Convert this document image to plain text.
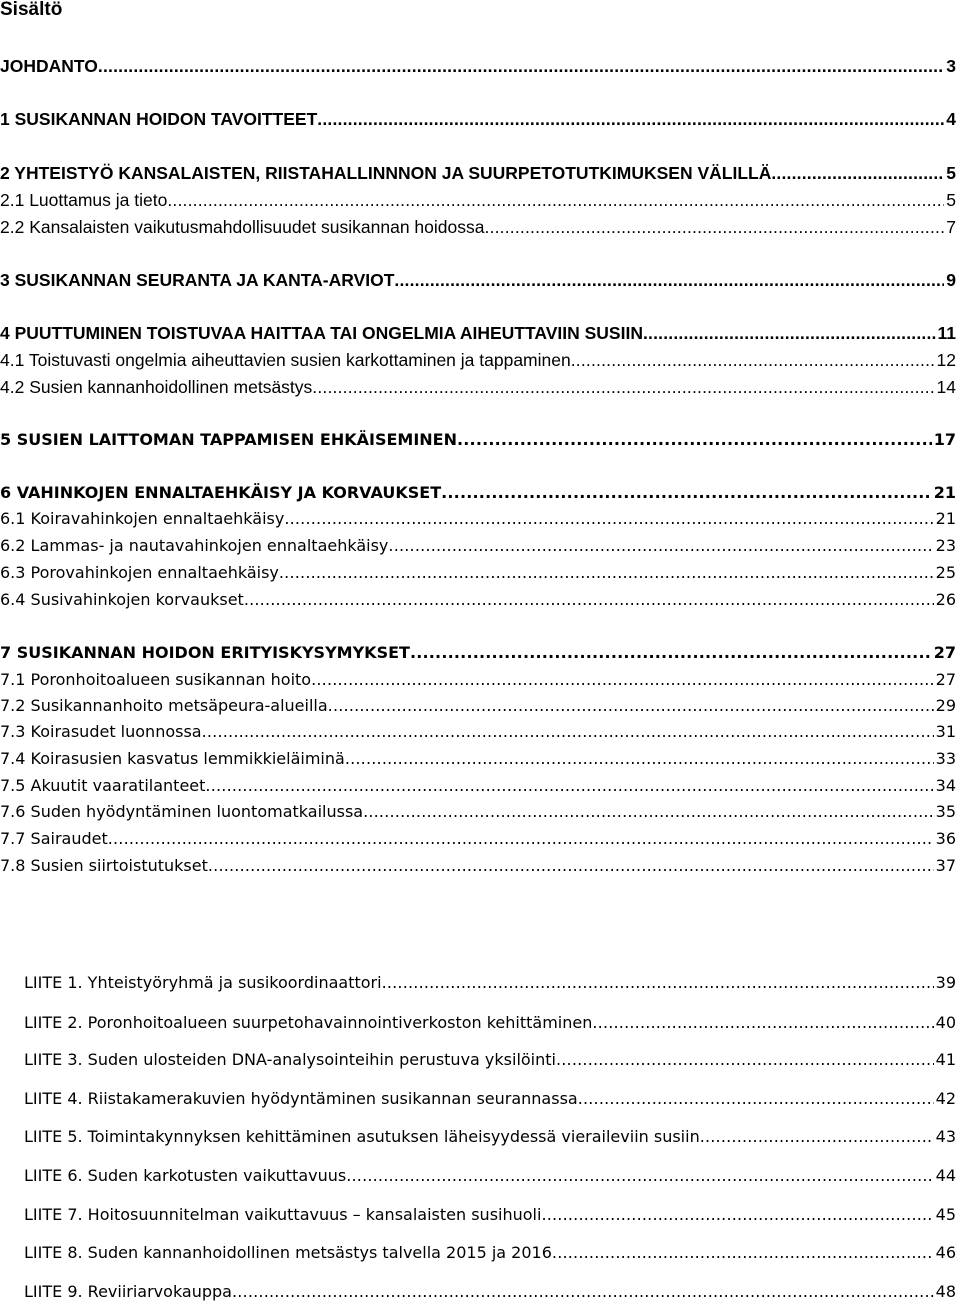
Sisältö
JOHDANTO .....	3
1 SUSIKANNAN HOIDON TAVOITTEET .....	4
2 YHTEISTYÖ KANSALAISTEN, RIISTAHALLINNNON JA SUURPETOTUTKIMUKSEN VÄLILLÄ .....	5
2.1 Luottamus ja tieto .....	5
2.2 Kansalaisten vaikutusmahdollisuudet susikannan hoidossa .....	7
3 SUSIKANNAN SEURANTA JA KANTA-ARVIOT .....	9
4 PUUTTUMINEN TOISTUVAA HAITTAA TAI ONGELMIA AIHEUTTAVIIN SUSIIN .....	11
4.1 Toistuvasti ongelmia aiheuttavien susien karkottaminen ja tappaminen .....	12
4.2 Susien kannanhoidollinen metsästys .....	14
5 SUSIEN LAITTOMAN TAPPAMISEN EHKÄISEMINEN .....	17
6 VAHINKOJEN ENNALTAEHKÄISY JA KORVAUKSET .....	21
6.1 Koiravahinkojen ennaltaehkäisy .....	21
6.2 Lammas- ja nautavahinkojen ennaltaehkäisy .....	23
6.3 Porovahinkojen ennaltaehkäisy .....	25
6.4 Susivahinkojen korvaukset .....	26
7 SUSIKANNAN HOIDON ERITYISKYSYMYKSET .....	27
7.1 Poronhoitoalueen susikannan hoito .....	27
7.2 Susikannanhoito metsäpeura-alueilla .....	29
7.3 Koirasudet luonnossa .....	31
7.4 Koirasusien kasvatus lemmikkieläiminä .....	33
7.5 Akuutit vaaratilanteet .....	34
7.6 Suden hyödyntäminen luontomatkailussa .....	35
7.7 Sairaudet .....	36
7.8 Susien siirtoistutukset .....	37
LIITE 1. Yhteistyöryhmä ja susikoordinaattori .....	39
LIITE 2. Poronhoitoalueen suurpetohavainnointiverkoston kehittäminen .....	40
LIITE 3. Suden ulosteiden DNA-analysointeihin perustuva yksilöinti .....	41
LIITE 4. Riistakamerakuvien hyödyntäminen susikannan seurannassa .....	42
LIITE 5. Toimintakynnyksen kehittäminen asutuksen läheisyydessä vieraileviin susiin .....	43
LIITE 6. Suden karkotusten vaikuttavuus .....	44
LIITE 7. Hoitosuunnitelman vaikuttavuus – kansalaisten susihuoli .....	45
LIITE 8. Suden kannanhoidollinen metsästys talvella 2015 ja 2016 .....	46
LIITE 9. Reviiriarvokauppa .....	48
